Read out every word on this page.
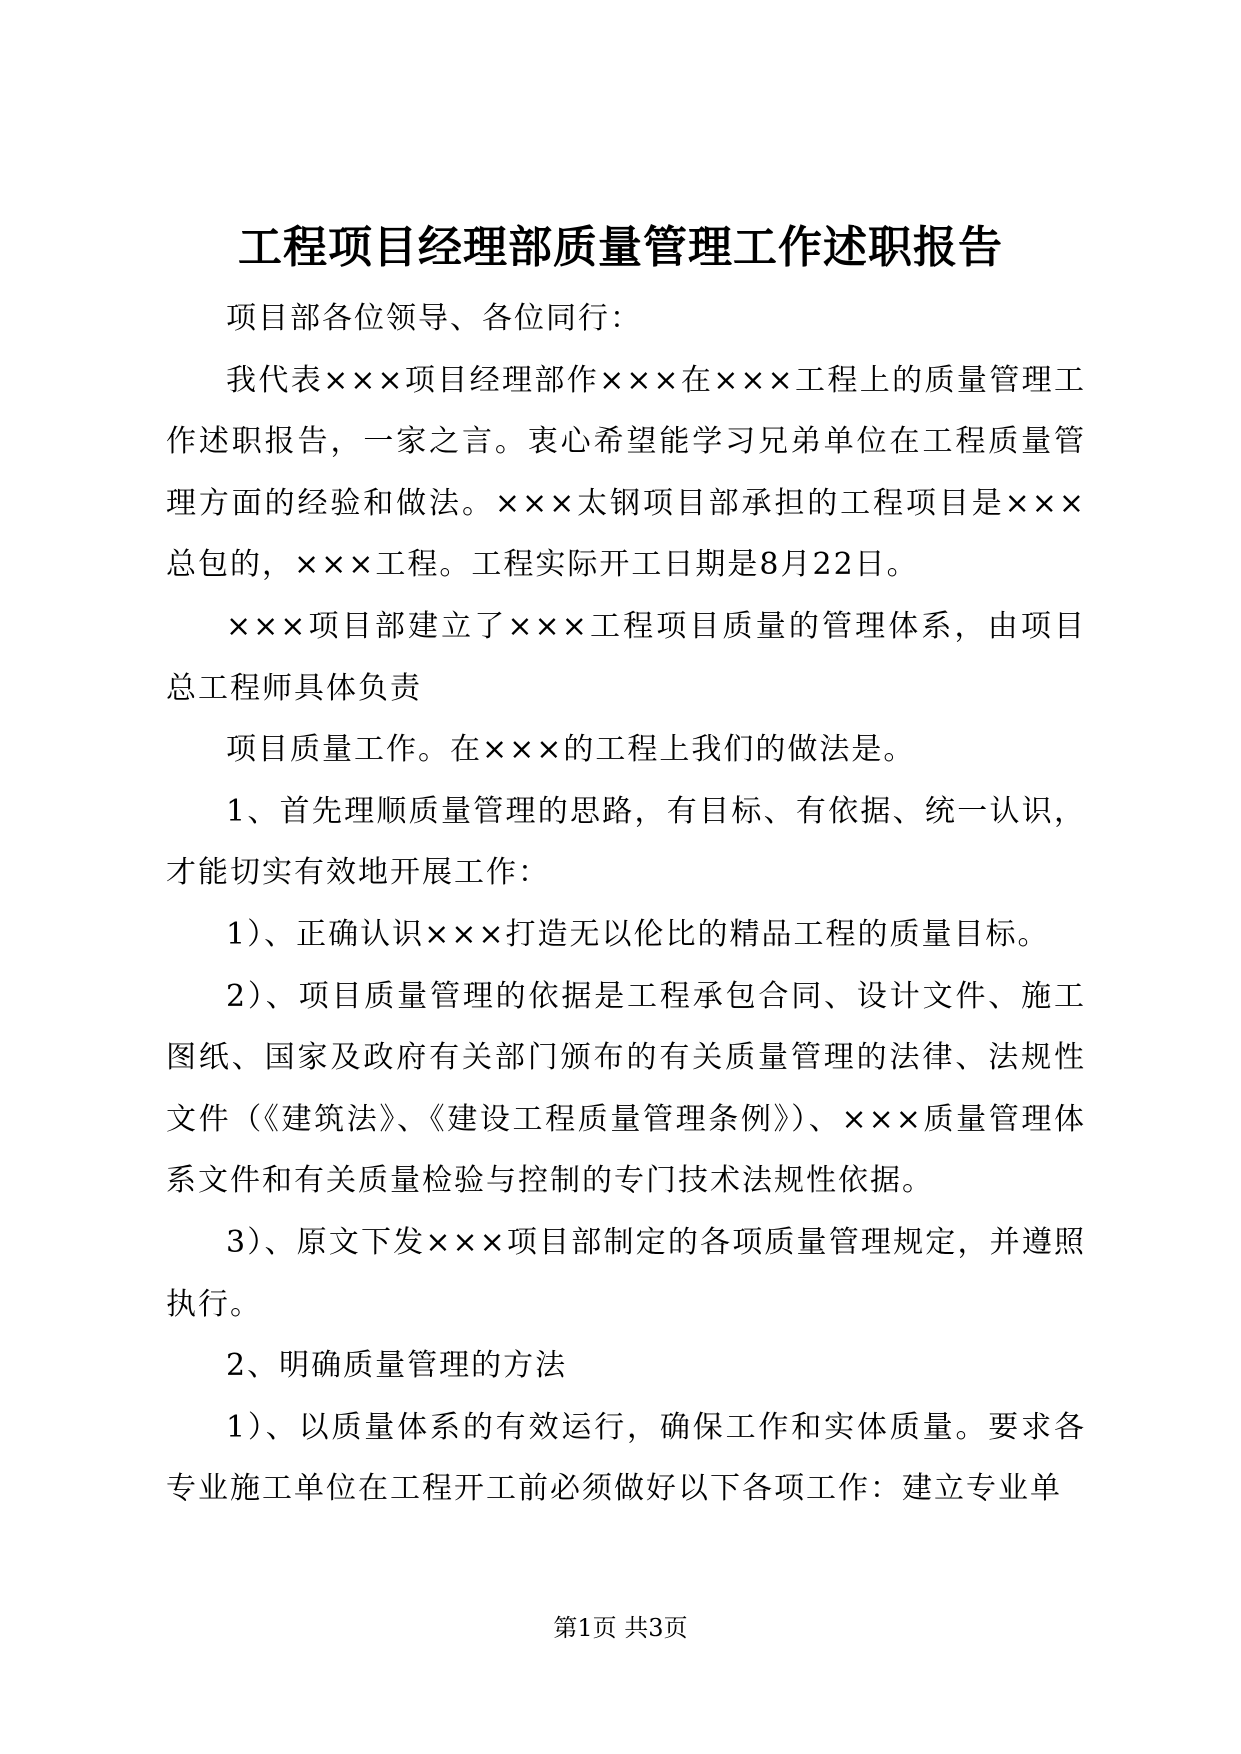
工程项目经理部质量管理工作述职报告

项目部各位领导、各位同行：

我代表×××项目经理部作×××在×××工程上的质量管理工作述职报告，一家之言。衷心希望能学习兄弟单位在工程质量管理方面的经验和做法。×××太钢项目部承担的工程项目是×××总包的，×××工程。工程实际开工日期是8月22日。

×××项目部建立了×××工程项目质量的管理体系，由项目总工程师具体负责

项目质量工作。在×××的工程上我们的做法是。

1、首先理顺质量管理的思路，有目标、有依据、统一认识，才能切实有效地开展工作：

1）、正确认识×××打造无以伦比的精品工程的质量目标。

2）、项目质量管理的依据是工程承包合同、设计文件、施工图纸、国家及政府有关部门颁布的有关质量管理的法律、法规性文件（《建筑法》、《建设工程质量管理条例》）、×××质量管理体系文件和有关质量检验与控制的专门技术法规性依据。

3）、原文下发×××项目部制定的各项质量管理规定，并遵照执行。

2、明确质量管理的方法

1）、以质量体系的有效运行，确保工作和实体质量。要求各专业施工单位在工程开工前必须做好以下各项工作：建立专业单

第1页 共3页
